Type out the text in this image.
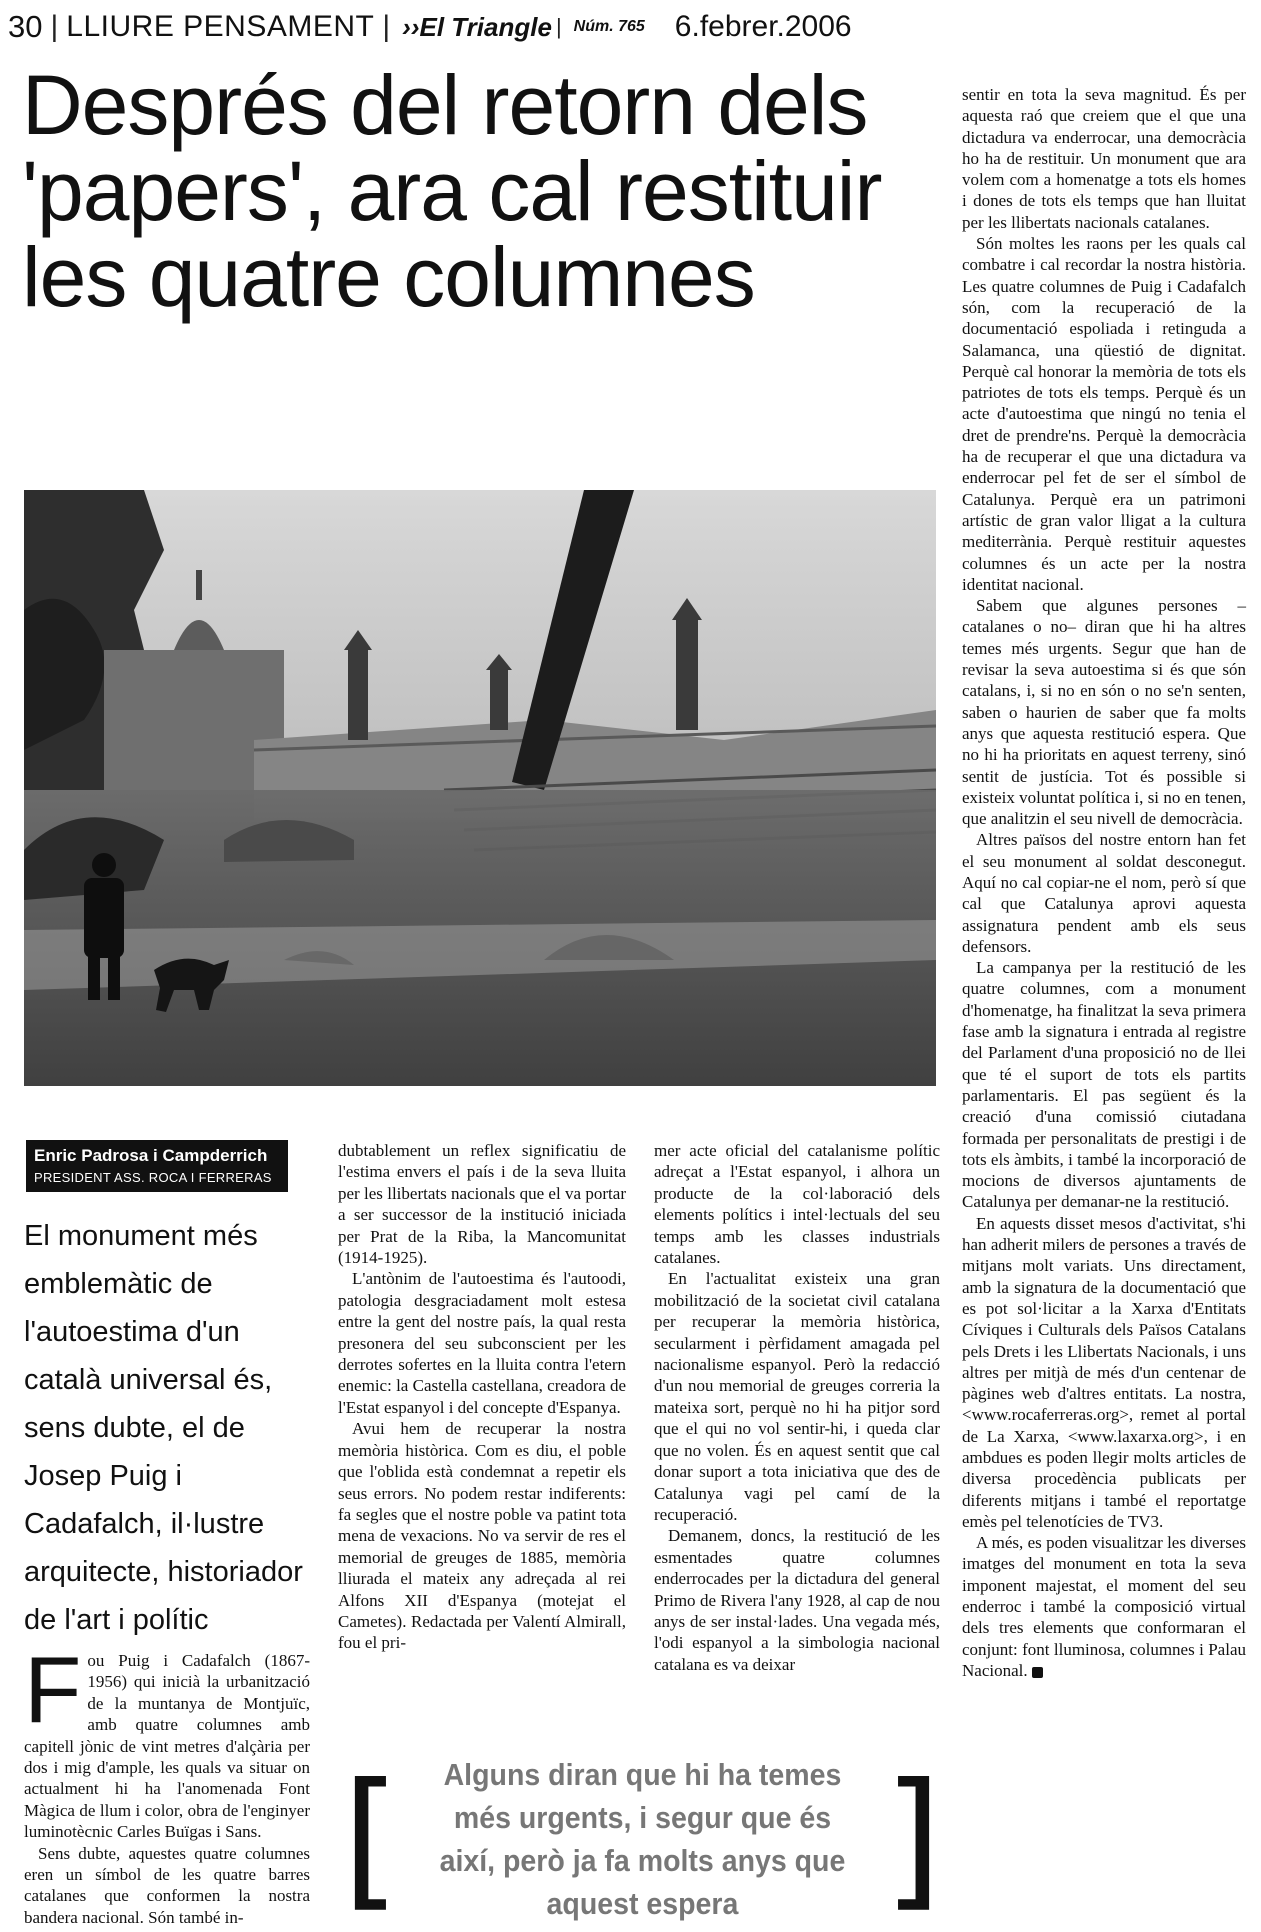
30 | LLIURE PENSAMENT | ››El Triangle | Núm. 765 6.febrer.2006
Després del retorn dels 'papers', ara cal restituir les quatre columnes
Enric Padrosa i Campderrich
PRESIDENT ASS. ROCA I FERRERAS

El monument més emblemàtic de l'autoestima d'un català universal és, sens dubte, el de Josep Puig i Cadafalch, il·lustre arquitecte, historiador de l'art i polític

F ou Puig i Cadafalch (1867-1956) qui inicià la urbanització de la muntanya de Montjuïc, amb quatre columnes amb capitell jònic de vint metres d'alçària per dos i mig d'ample, les quals va situar on actualment hi ha l'anomenada Font Màgica de llum i color, obra de l'enginyer luminotècnic Carles Buïgas i Sans.

Sens dubte, aquestes quatre columnes eren un símbol de les quatre barres catalanes que conformen la nostra bandera nacional. Són també in-

dubtablement un reflex significatiu de l'estima envers el país i de la seva lluita per les llibertats nacionals que el va portar a ser successor de la institució iniciada per Prat de la Riba, la Mancomunitat (1914-1925).

L'antònim de l'autoestima és l'autoodi, patologia desgraciadament molt estesa entre la gent del nostre país, la qual resta presonera del seu subconscient per les derrotes sofertes en la lluita contra l'etern enemic: la Castella castellana, creadora de l'Estat espanyol i del concepte d'Espanya.

Avui hem de recuperar la nostra memòria històrica. Com es diu, el poble que l'oblida està condemnat a repetir els seus errors. No podem restar indiferents: fa segles que el nostre poble va patint tota mena de vexacions. No va servir de res el memorial de greuges de 1885, memòria lliurada el mateix any adreçada al rei Alfons XII d'Espanya (motejat el Cametes). Redactada per Valentí Almirall, fou el pri-

mer acte oficial del catalanisme polític adreçat a l'Estat espanyol, i alhora un producte de la col·laboració dels elements polítics i intel·lectuals del seu temps amb les classes industrials catalanes.

En l'actualitat existeix una gran mobilització de la societat civil catalana per recuperar la memòria històrica, secularment i pèrfidament amagada pel nacionalisme espanyol. Però la redacció d'un nou memorial de greuges correria la mateixa sort, perquè no hi ha pitjor sord que el qui no vol sentir-hi, i queda clar que no volen. És en aquest sentit que cal donar suport a tota iniciativa que des de Catalunya vagi pel camí de la recuperació.

Demanem, doncs, la restitució de les esmentades quatre columnes enderrocades per la dictadura del general Primo de Rivera l'any 1928, al cap de nou anys de ser instal·lades. Una vegada més, l'odi espanyol a la simbologia nacional catalana es va deixar

sentir en tota la seva magnitud. És per aquesta raó que creiem que el que una dictadura va enderrocar, una democràcia ho ha de restituir. Un monument que ara volem com a homenatge a tots els homes i dones de tots els temps que han lluitat per les llibertats nacionals catalanes.

Són moltes les raons per les quals cal combatre i cal recordar la nostra història. Les quatre columnes de Puig i Cadafalch són, com la recuperació de la documentació espoliada i retinguda a Salamanca, una qüestió de dignitat. Perquè cal honorar la memòria de tots els patriotes de tots els temps. Perquè és un acte d'autoestima que ningú no tenia el dret de prendre'ns. Perquè la democràcia ha de recuperar el que una dictadura va enderrocar pel fet de ser el símbol de Catalunya. Perquè era un patrimoni artístic de gran valor lligat a la cultura mediterrània. Perquè restituir aquestes columnes és un acte per la nostra identitat nacional.

Sabem que algunes persones –catalanes o no– diran que hi ha altres temes més urgents. Segur que han de revisar la seva autoestima si és que són catalans, i, si no en són o no se'n senten, saben o haurien de saber que fa molts anys que aquesta restitució espera. Que no hi ha prioritats en aquest terreny, sinó sentit de justícia. Tot és possible si existeix voluntat política i, si no en tenen, que analitzin el seu nivell de democràcia.

Altres països del nostre entorn han fet el seu monument al soldat desconegut. Aquí no cal copiar-ne el nom, però sí que cal que Catalunya aprovi aquesta assignatura pendent amb els seus defensors.

La campanya per la restitució de les quatre columnes, com a monument d'homenatge, ha finalitzat la seva primera fase amb la signatura i entrada al registre del Parlament d'una proposició no de llei que té el suport de tots els partits parlamentaris. El pas següent és la creació d'una comissió ciutadana formada per personalitats de prestigi i de tots els àmbits, i també la incorporació de mocions de diversos ajuntaments de Catalunya per demanar-ne la restitució.

En aquests disset mesos d'activitat, s'hi han adherit milers de persones a través de mitjans molt variats. Uns directament, amb la signatura de la documentació que es pot sol·licitar a la Xarxa d'Entitats Cíviques i Culturals dels Països Catalans pels Drets i les Llibertats Nacionals, i uns altres per mitjà de més d'un centenar de pàgines web d'altres entitats. La nostra, <www.rocaferreras.org>, remet al portal de La Xarxa, <www.laxarxa.org>, i en ambdues es poden llegir molts articles de diversa procedència publicats per diferents mitjans i també el reportatge emès pel telenotícies de TV3.

A més, es poden visualitzar les diverses imatges del monument en tota la seva imponent majestat, el moment del seu enderroc i també la composició virtual dels tres elements que conformaran el conjunt: font lluminosa, columnes i Palau Nacional.

[	Alguns diran que hi ha temes més urgents, i segur que és així, però ja fa molts anys que aquest espera ]
